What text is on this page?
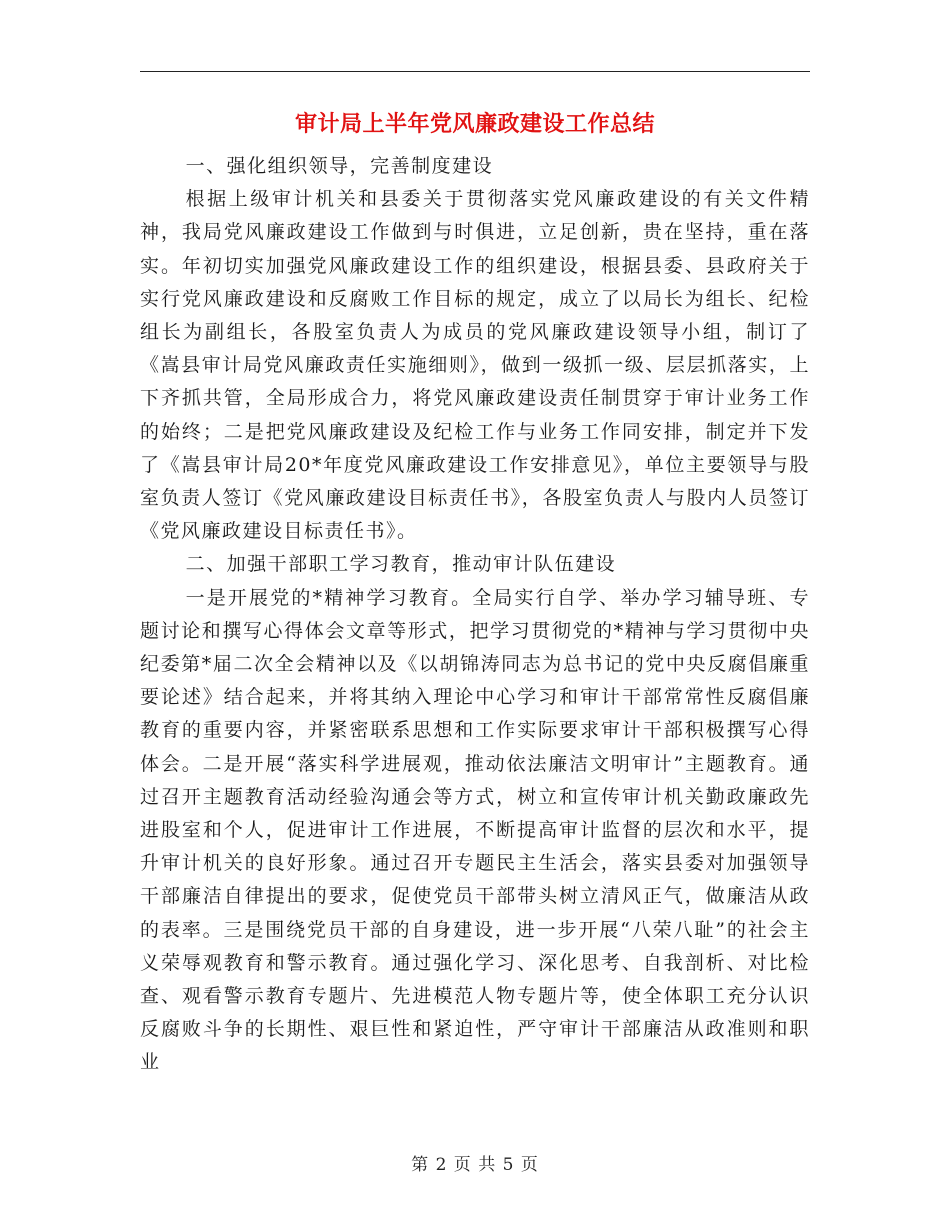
审计局上半年党风廉政建设工作总结

一、强化组织领导，完善制度建设

根据上级审计机关和县委关于贯彻落实党风廉政建设的有关文件精神，我局党风廉政建设工作做到与时俱进，立足创新，贵在坚持，重在落实。年初切实加强党风廉政建设工作的组织建设，根据县委、县政府关于实行党风廉政建设和反腐败工作目标的规定，成立了以局长为组长、纪检组长为副组长，各股室负责人为成员的党风廉政建设领导小组，制订了《嵩县审计局党风廉政责任实施细则》，做到一级抓一级、层层抓落实，上下齐抓共管，全局形成合力，将党风廉政建设责任制贯穿于审计业务工作的始终；二是把党风廉政建设及纪检工作与业务工作同安排，制定并下发了《嵩县审计局20*年度党风廉政建设工作安排意见》，单位主要领导与股室负责人签订《党风廉政建设目标责任书》，各股室负责人与股内人员签订《党风廉政建设目标责任书》。

二、加强干部职工学习教育，推动审计队伍建设

一是开展党的*精神学习教育。全局实行自学、举办学习辅导班、专题讨论和撰写心得体会文章等形式，把学习贯彻党的*精神与学习贯彻中央纪委第*届二次全会精神以及《以胡锦涛同志为总书记的党中央反腐倡廉重要论述》结合起来，并将其纳入理论中心学习和审计干部常常性反腐倡廉教育的重要内容，并紧密联系思想和工作实际要求审计干部积极撰写心得体会。二是开展“落实科学进展观，推动依法廉洁文明审计”主题教育。通过召开主题教育活动经验沟通会等方式，树立和宣传审计机关勤政廉政先进股室和个人，促进审计工作进展，不断提高审计监督的层次和水平，提升审计机关的良好形象。通过召开专题民主生活会，落实县委对加强领导干部廉洁自律提出的要求，促使党员干部带头树立清风正气，做廉洁从政的表率。三是围绕党员干部的自身建设，进一步开展“八荣八耻”的社会主义荣辱观教育和警示教育。通过强化学习、深化思考、自我剖析、对比检查、观看警示教育专题片、先进模范人物专题片等，使全体职工充分认识反腐败斗争的长期性、艰巨性和紧迫性，严守审计干部廉洁从政准则和职业

第 2 页 共 5 页
